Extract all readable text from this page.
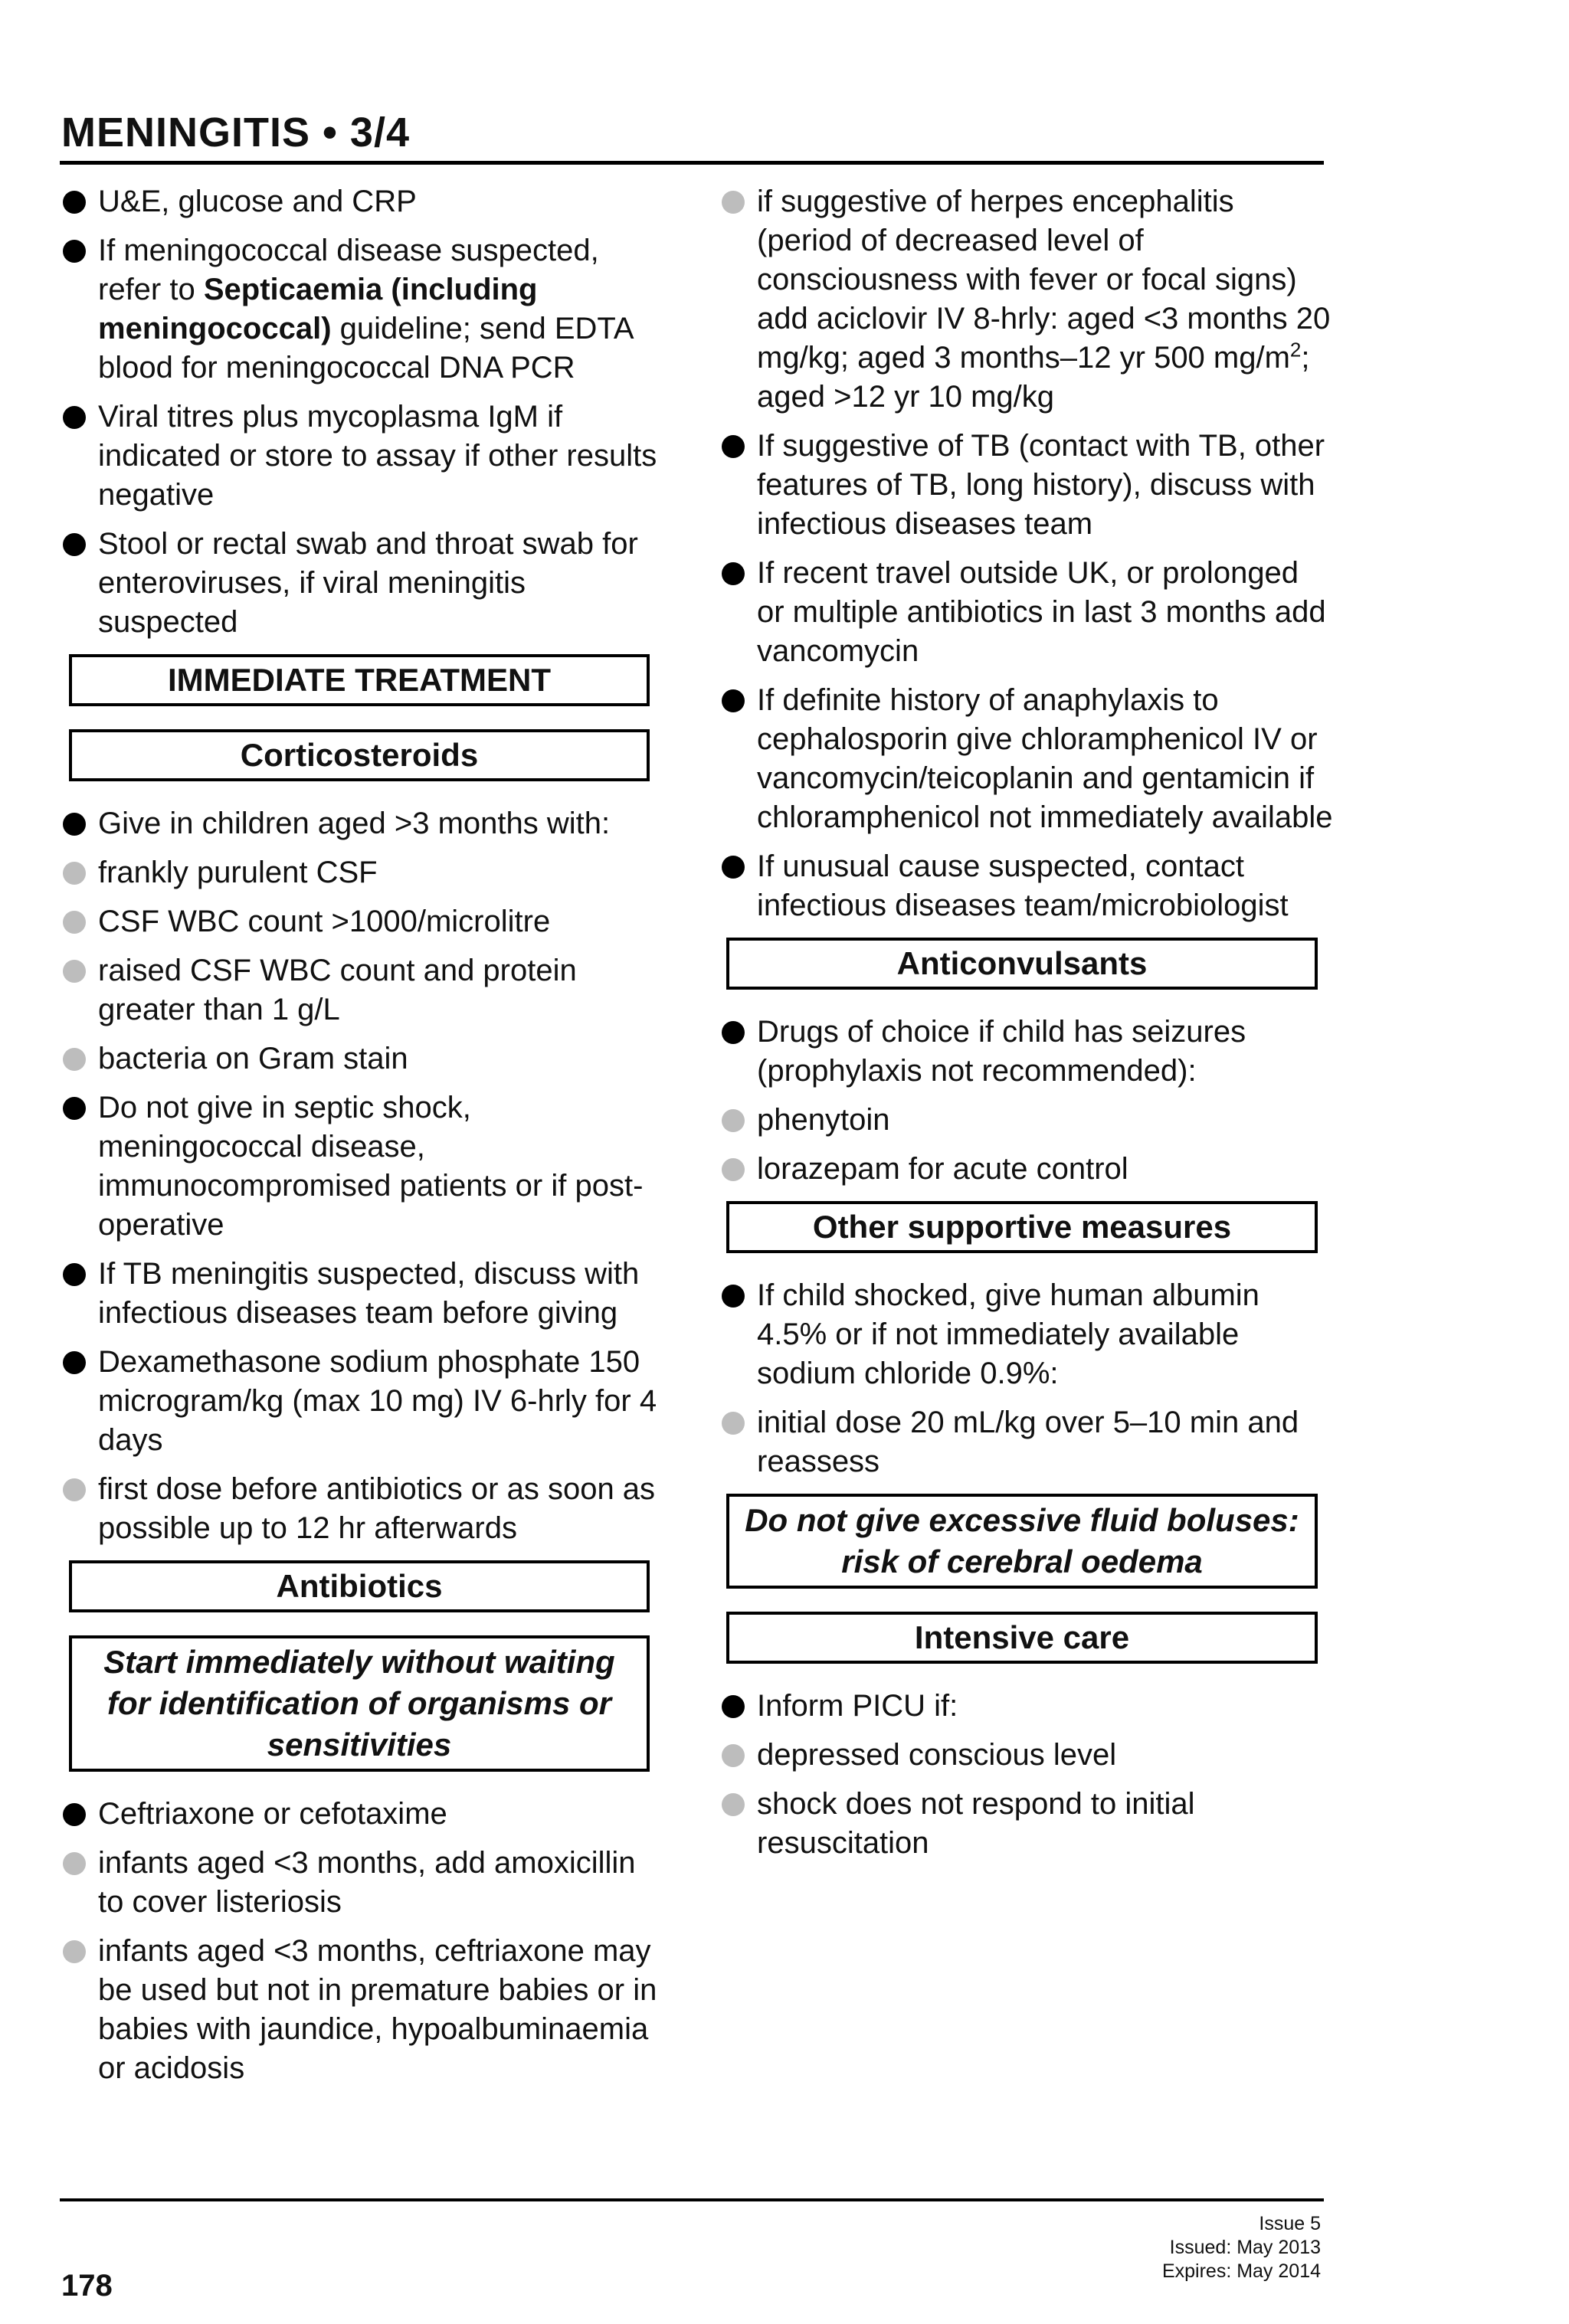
MENINGITIS • 3/4
U&E, glucose and CRP
If meningococcal disease suspected, refer to Septicaemia (including meningococcal) guideline; send EDTA blood for meningococcal DNA PCR
Viral titres plus mycoplasma IgM if indicated or store to assay if other results negative
Stool or rectal swab and throat swab for enteroviruses, if viral meningitis suspected
IMMEDIATE TREATMENT
Corticosteroids
Give in children aged >3 months with:
frankly purulent CSF
CSF WBC count >1000/microlitre
raised CSF WBC count and protein greater than 1 g/L
bacteria on Gram stain
Do not give in septic shock, meningococcal disease, immunocompromised patients or if post-operative
If TB meningitis suspected, discuss with infectious diseases team before giving
Dexamethasone sodium phosphate 150 microgram/kg (max 10 mg) IV 6-hrly for 4 days
first dose before antibiotics or as soon as possible up to 12 hr afterwards
Antibiotics
Start immediately without waiting for identification of organisms or sensitivities
Ceftriaxone or cefotaxime
infants aged <3 months, add amoxicillin to cover listeriosis
infants aged <3 months, ceftriaxone may be used but not in premature babies or in babies with jaundice, hypoalbuminaemia or acidosis
if suggestive of herpes encephalitis (period of decreased level of consciousness with fever or focal signs) add aciclovir IV 8-hrly: aged <3 months 20 mg/kg; aged 3 months–12 yr 500 $mg/m^2$; aged >12 yr 10 mg/kg
If suggestive of TB (contact with TB, other features of TB, long history), discuss with infectious diseases team
If recent travel outside UK, or prolonged or multiple antibiotics in last 3 months add vancomycin
If definite history of anaphylaxis to cephalosporin give chloramphenicol IV or vancomycin/teicoplanin and gentamicin if chloramphenicol not immediately available
If unusual cause suspected, contact infectious diseases team/microbiologist
Anticonvulsants
Drugs of choice if child has seizures (prophylaxis not recommended):
phenytoin
lorazepam for acute control
Other supportive measures
If child shocked, give human albumin 4.5% or if not immediately available sodium chloride 0.9%:
initial dose 20 mL/kg over 5–10 min and reassess
Do not give excessive fluid boluses: risk of cerebral oedema
Intensive care
Inform PICU if:
depressed conscious level
shock does not respond to initial resuscitation
178
Issue 5
Issued: May 2013
Expires: May 2014
